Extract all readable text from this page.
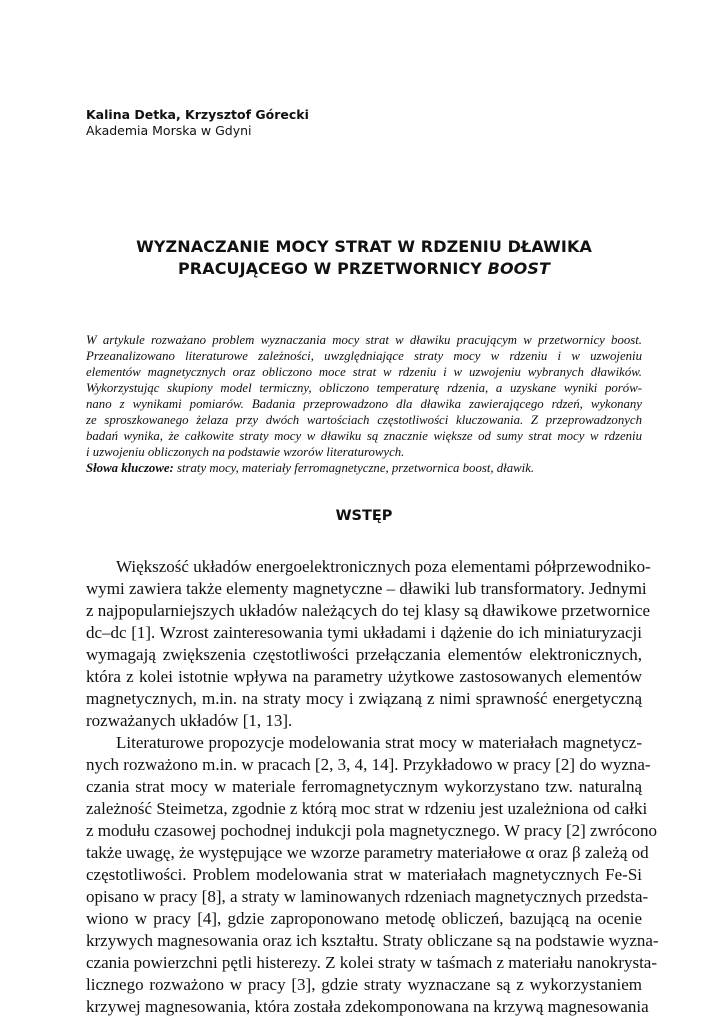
Kalina Detka, Krzysztof Górecki
Akademia Morska w Gdyni
WYZNACZANIE MOCY STRAT W RDZENIU DŁAWIKA
PRACUJĄCEGO W PRZETWORNICY BOOST
W artykule rozważano problem wyznaczania mocy strat w dławiku pracującym w przetwornicy boost.
Przeanalizowano literaturowe zależności, uwzględniające straty mocy w rdzeniu i w uzwojeniu
elementów magnetycznych oraz obliczono moce strat w rdzeniu i w uzwojeniu wybranych dławików.
Wykorzystując skupiony model termiczny, obliczono temperaturę rdzenia, a uzyskane wyniki porów-
nano z wynikami pomiarów. Badania przeprowadzono dla dławika zawierającego rdzeń, wykonany
ze sproszkowanego żelaza przy dwóch wartościach częstotliwości kluczowania. Z przeprowadzonych
badań wynika, że całkowite straty mocy w dławiku są znacznie większe od sumy strat mocy w rdzeniu
i uzwojeniu obliczonych na podstawie wzorów literaturowych.
Słowa kluczowe: straty mocy, materiały ferromagnetyczne, przetwornica boost, dławik.
WSTĘP
Większość układów energoelektronicznych poza elementami półprzewodniko-
wymi zawiera także elementy magnetyczne – dławiki lub transformatory. Jednymi
z najpopularniejszych układów należących do tej klasy są dławikowe przetwornice
dc–dc [1]. Wzrost zainteresowania tymi układami i dążenie do ich miniaturyzacji
wymagają zwiększenia częstotliwości przełączania elementów elektronicznych,
która z kolei istotnie wpływa na parametry użytkowe zastosowanych elementów
magnetycznych, m.in. na straty mocy i związaną z nimi sprawność energetyczną
rozważanych układów [1, 13].
Literaturowe propozycje modelowania strat mocy w materiałach magnetycz-
nych rozważono m.in. w pracach [2, 3, 4, 14]. Przykładowo w pracy [2] do wyzna-
czania strat mocy w materiale ferromagnetycznym wykorzystano tzw. naturalną
zależność Steimetza, zgodnie z którą moc strat w rdzeniu jest uzależniona od całki
z modułu czasowej pochodnej indukcji pola magnetycznego. W pracy [2] zwrócono
także uwagę, że występujące we wzorze parametry materiałowe α oraz β zależą od
częstotliwości. Problem modelowania strat w materiałach magnetycznych Fe-Si
opisano w pracy [8], a straty w laminowanych rdzeniach magnetycznych przedsta-
wiono w pracy [4], gdzie zaproponowano metodę obliczeń, bazującą na ocenie
krzywych magnesowania oraz ich kształtu. Straty obliczane są na podstawie wyzna-
czania powierzchni pętli histerezy. Z kolei straty w taśmach z materiału nanokrysta-
licznego rozważono w pracy [3], gdzie straty wyznaczane są z wykorzystaniem
krzywej magnesowania, która została zdekomponowana na krzywą magnesowania
